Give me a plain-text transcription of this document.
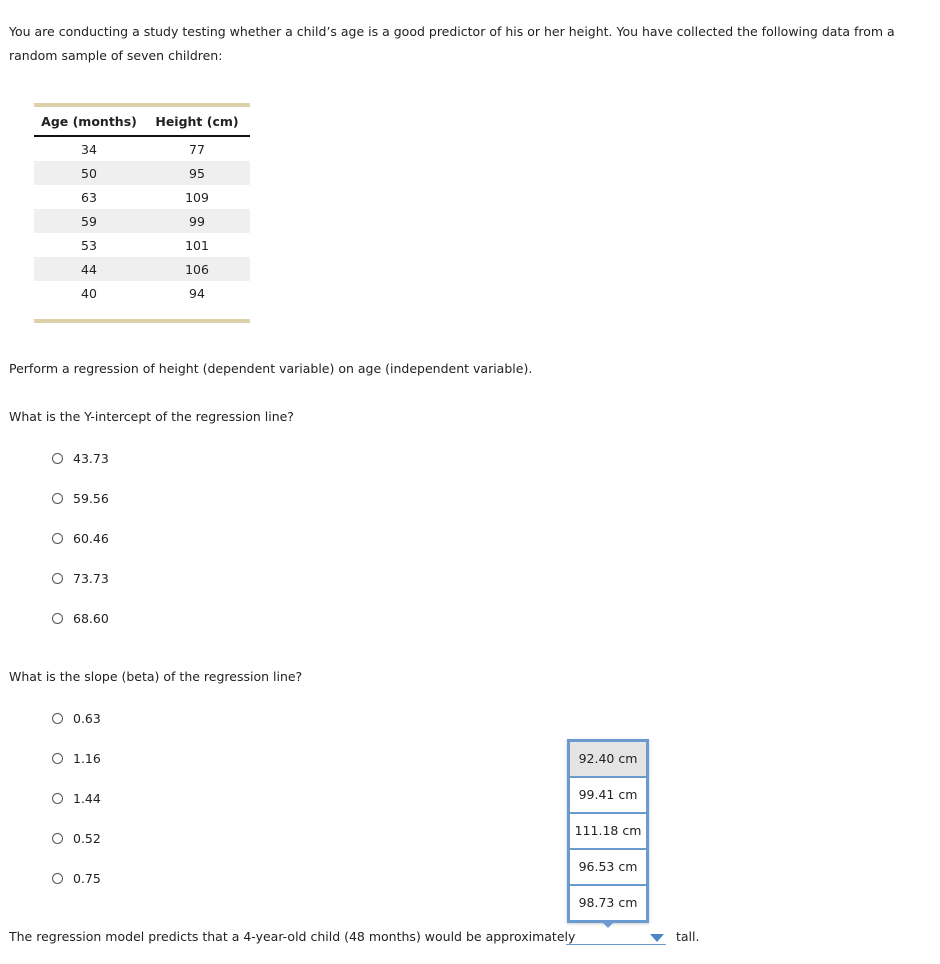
You are conducting a study testing whether a child’s age is a good predictor of his or her height. You have collected the following data from a random sample of seven children:

Age (months)	Height (cm)
34	77
50	95
63	109
59	99
53	101
44	106
40	94

Perform a regression of height (dependent variable) on age (independent variable).

What is the Y-intercept of the regression line?

43.73
59.56
60.46
73.73
68.60

What is the slope (beta) of the regression line?

0.63
1.16
1.44
0.52
0.75

The regression model predicts that a 4-year-old child (48 months) would be approximately	tall.

92.40 cm
99.41 cm
111.18 cm
96.53 cm
98.73 cm
